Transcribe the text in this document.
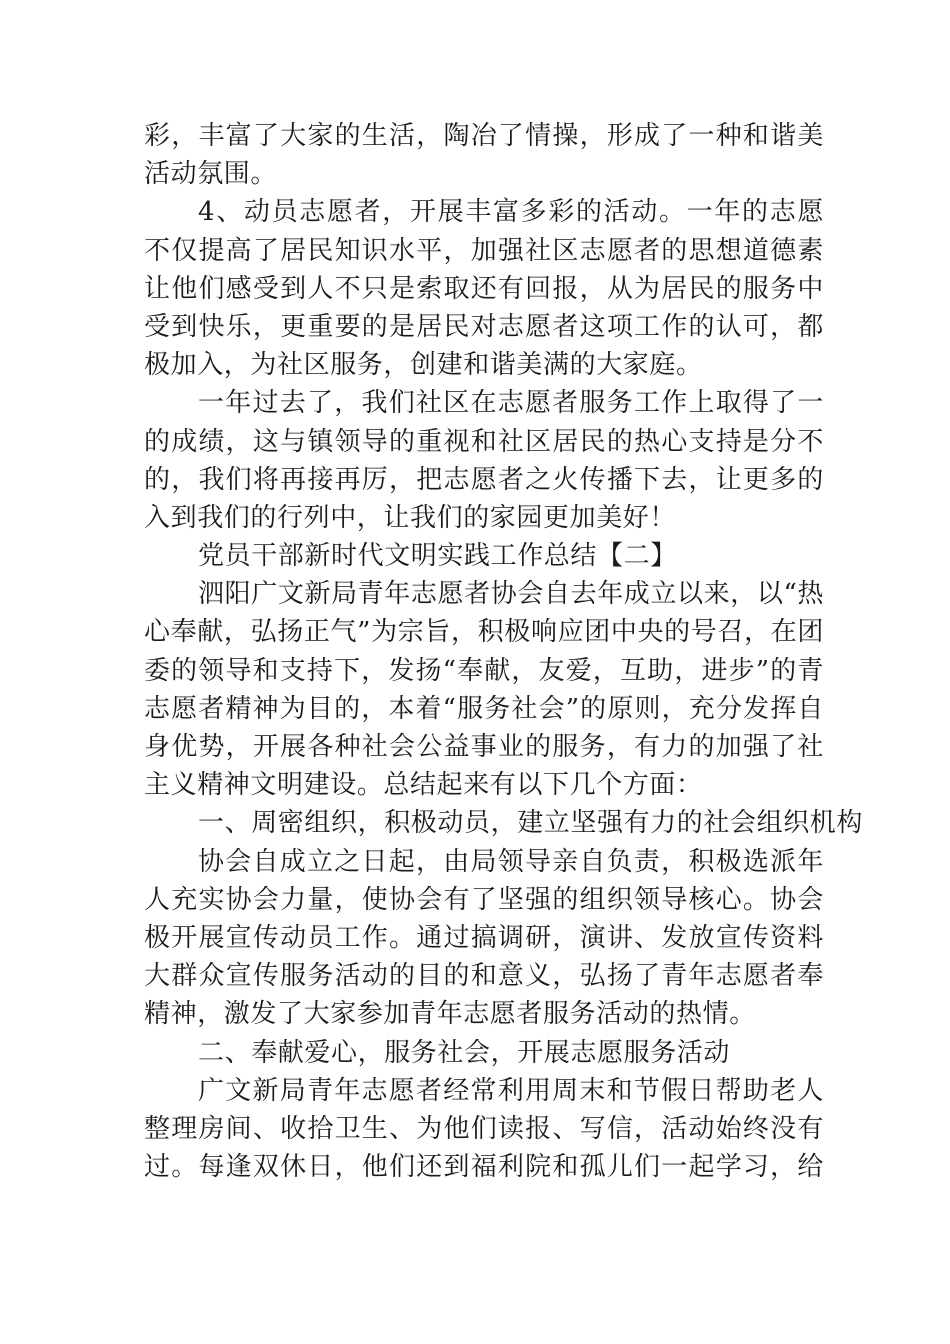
彩，丰富了大家的生活，陶冶了情操，形成了一种和谐美
活动氛围。
4、动员志愿者，开展丰富多彩的活动。一年的志愿
不仅提高了居民知识水平，加强社区志愿者的思想道德素
让他们感受到人不只是索取还有回报，从为居民的服务中
受到快乐，更重要的是居民对志愿者这项工作的认可，都
极加入，为社区服务，创建和谐美满的大家庭。
一年过去了，我们社区在志愿者服务工作上取得了一
的成绩，这与镇领导的重视和社区居民的热心支持是分不
的，我们将再接再厉，把志愿者之火传播下去，让更多的
入到我们的行列中，让我们的家园更加美好！
党员干部新时代文明实践工作总结【二】
泗阳广文新局青年志愿者协会自去年成立以来，以“热
心奉献，弘扬正气”为宗旨，积极响应团中央的号召，在团
委的领导和支持下，发扬“奉献，友爱，互助，进步”的青
志愿者精神为目的，本着“服务社会”的原则，充分发挥自
身优势，开展各种社会公益事业的服务，有力的加强了社
主义精神文明建设。总结起来有以下几个方面：
一、周密组织，积极动员，建立坚强有力的社会组织机构
协会自成立之日起，由局领导亲自负责，积极选派年
人充实协会力量，使协会有了坚强的组织领导核心。协会
极开展宣传动员工作。通过搞调研，演讲、发放宣传资料
大群众宣传服务活动的目的和意义，弘扬了青年志愿者奉
精神，激发了大家参加青年志愿者服务活动的热情。
二、奉献爱心，服务社会，开展志愿服务活动
广文新局青年志愿者经常利用周末和节假日帮助老人
整理房间、收拾卫生、为他们读报、写信，活动始终没有
过。每逢双休日，他们还到福利院和孤儿们一起学习，给
